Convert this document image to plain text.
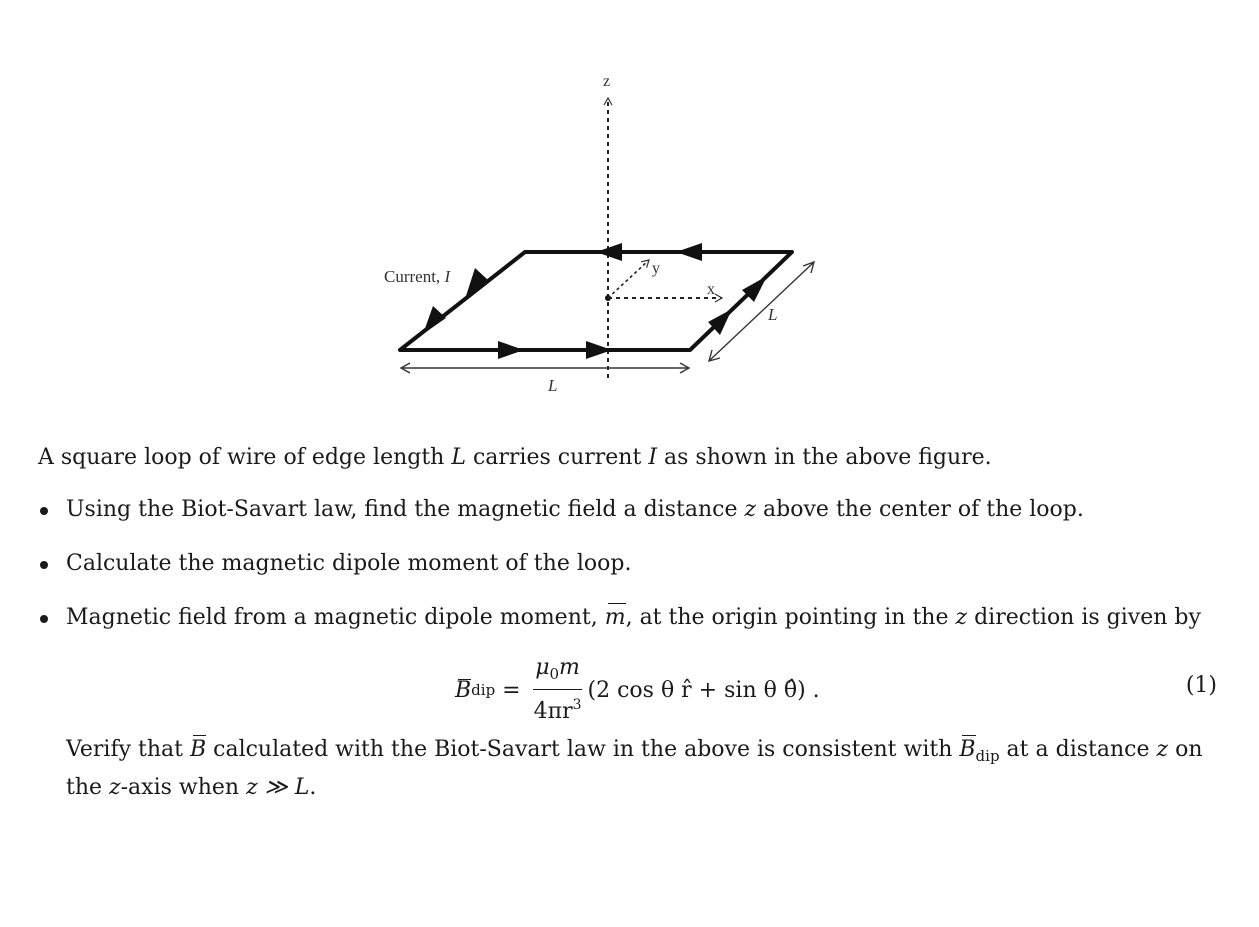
z
x
y
Current, I
L
L
A square loop of wire of edge length L carries current I as shown in the above figure.
Using the Biot-Savart law, find the magnetic field a distance z above the center of the loop.
Calculate the magnetic dipole moment of the loop.
Magnetic field from a magnetic dipole moment, m, at the origin pointing in the z direction is given by
B dip = $\frac{\mu_0m}{4\pi r^3} (2$ cos θ r̂ + sin θ θ̂) .	(1)
Verify that B calculated with the Biot-Savart law in the above is consistent with $B_{dip}$ at a distance z on the z-axis when z ≫ L.
